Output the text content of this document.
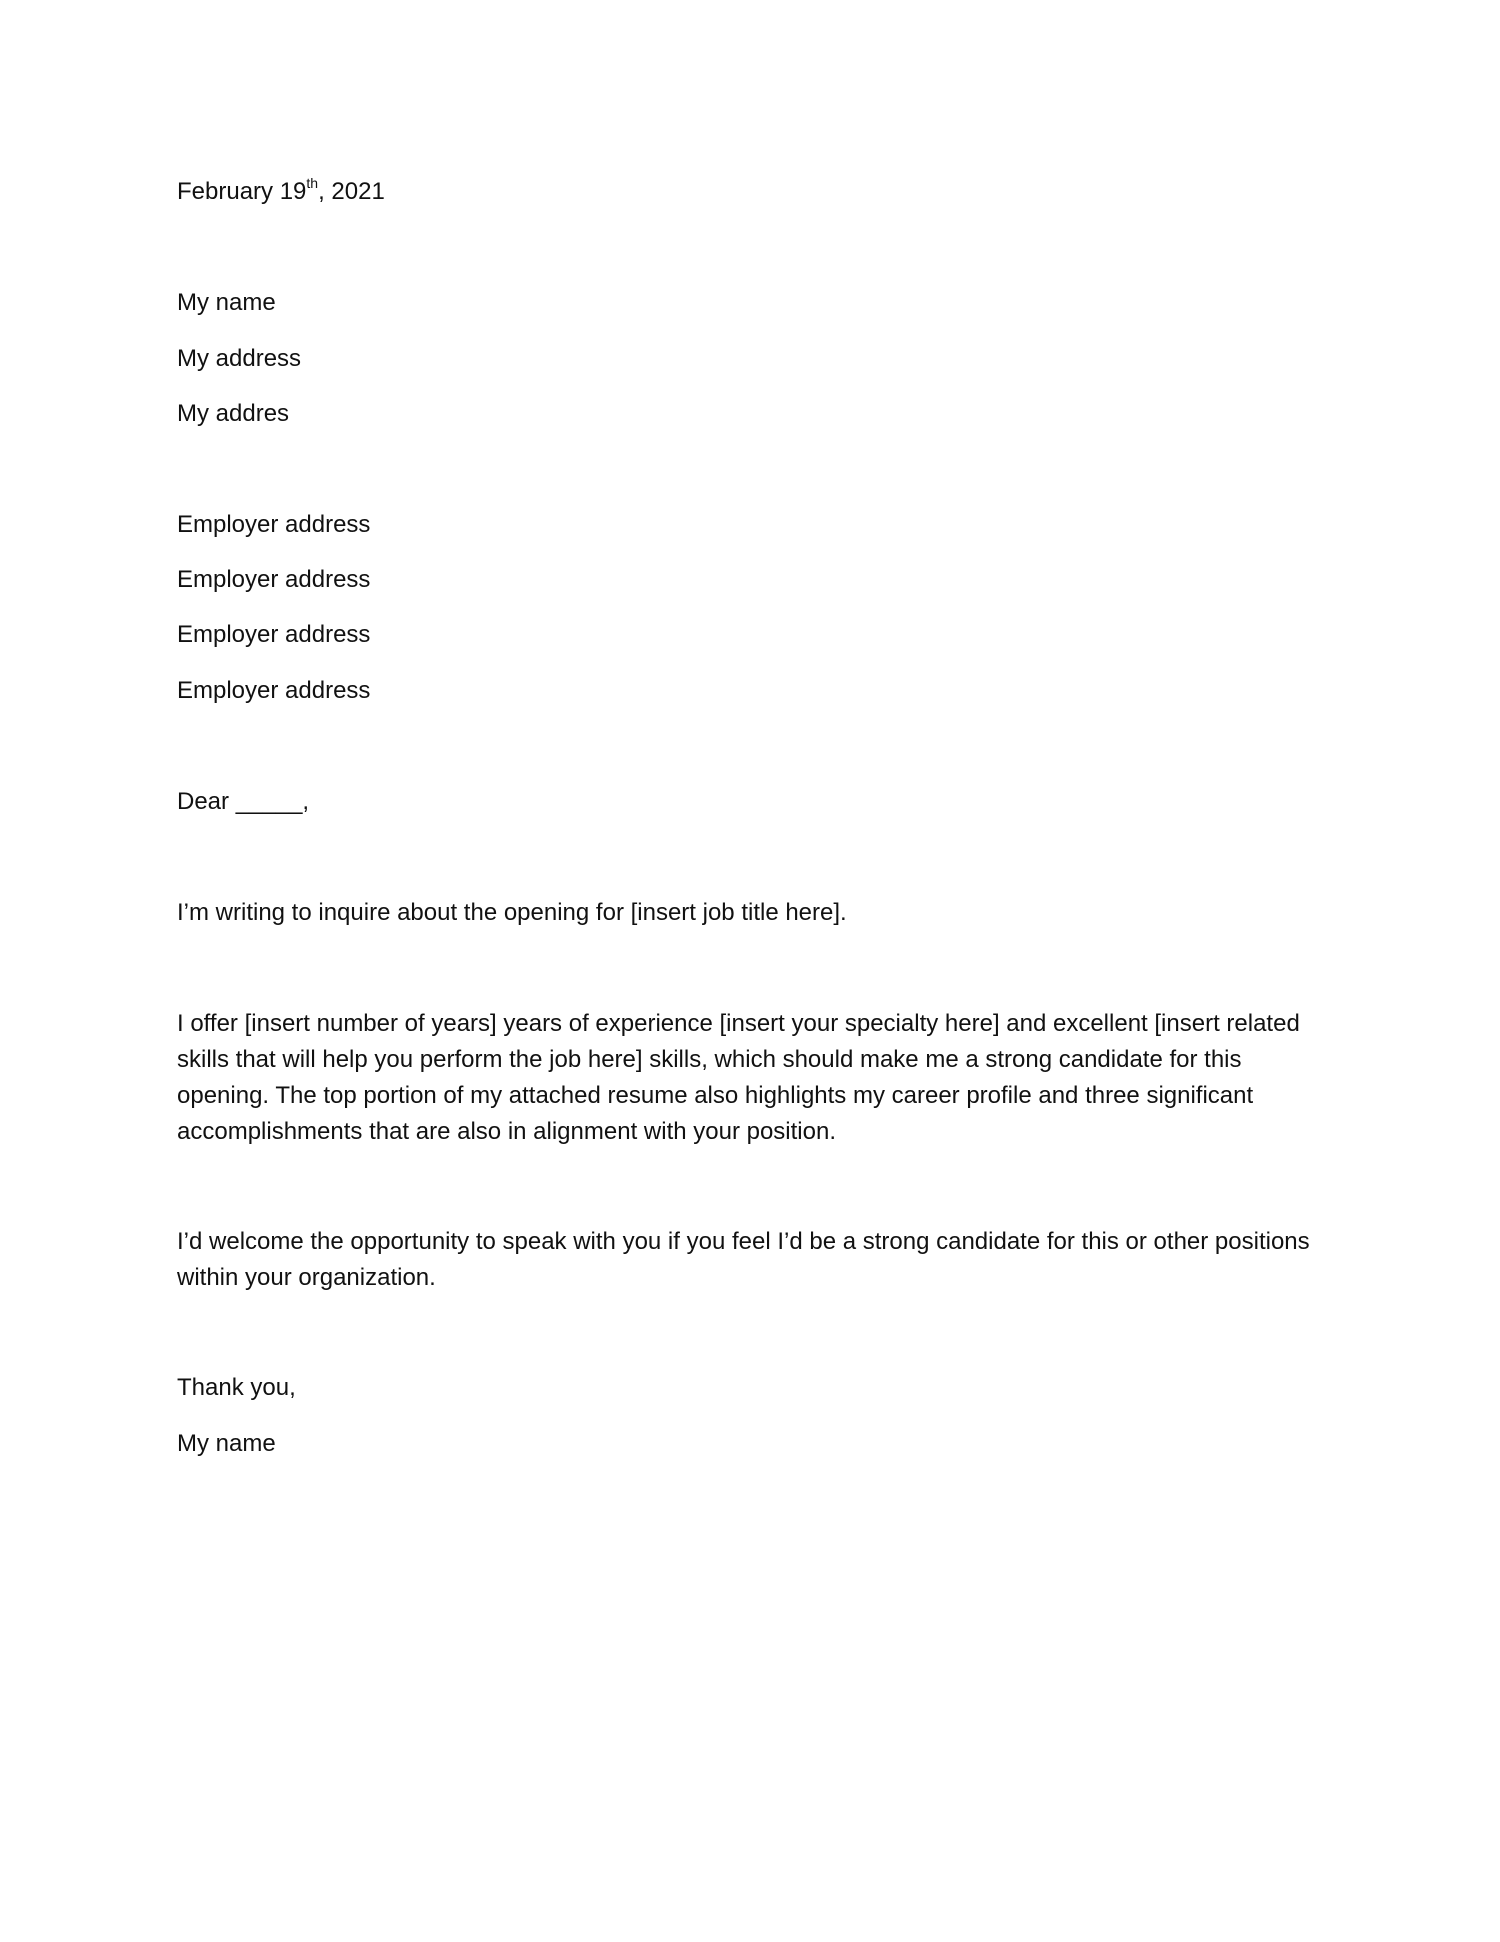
February 19th, 2021

My name

My address

My addres

Employer address

Employer address

Employer address

Employer address

Dear _____,

I’m writing to inquire about the opening for [insert job title here].

I offer [insert number of years] years of experience [insert your specialty here] and excellent [insert related skills that will help you perform the job here] skills, which should make me a strong candidate for this opening. The top portion of my attached resume also highlights my career profile and three significant accomplishments that are also in alignment with your position.

I’d welcome the opportunity to speak with you if you feel I’d be a strong candidate for this or other positions within your organization.

Thank you,

My name
